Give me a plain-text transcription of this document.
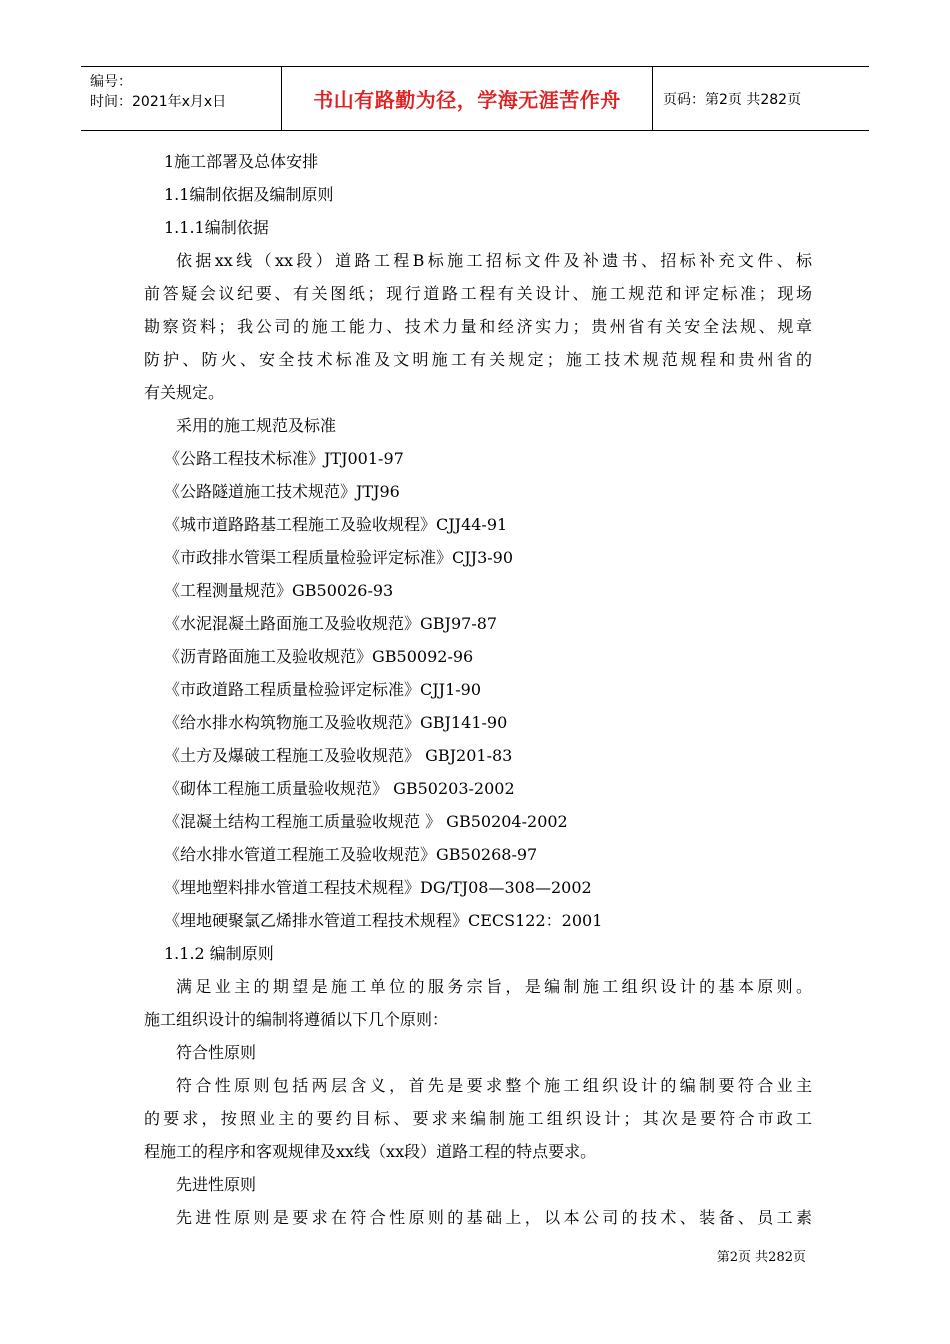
编号：
时间：2021年x月x日	书山有路勤为径，学海无涯苦作舟	页码：第2页 共282页
1施工部署及总体安排
1.1编制依据及编制原则
1.1.1编制依据
依据xx线（xx段）道路工程B标施工招标文件及补遗书、招标补充文件、标
前答疑会议纪要、有关图纸；现行道路工程有关设计、施工规范和评定标准；现场
勘察资料；我公司的施工能力、技术力量和经济实力；贵州省有关安全法规、规章
防护、防火、安全技术标准及文明施工有关规定；施工技术规范规程和贵州省的
有关规定。
采用的施工规范及标准
《公路工程技术标准》JTJ001-97
《公路隧道施工技术规范》JTJ96
《城市道路路基工程施工及验收规程》CJJ44-91
《市政排水管渠工程质量检验评定标准》CJJ3-90
《工程测量规范》GB50026-93
《水泥混凝土路面施工及验收规范》GBJ97-87
《沥青路面施工及验收规范》GB50092-96
《市政道路工程质量检验评定标准》CJJ1-90
《给水排水构筑物施工及验收规范》GBJ141-90
《土方及爆破工程施工及验收规范》 GBJ201-83
《砌体工程施工质量验收规范》 GB50203-2002
《混凝土结构工程施工质量验收规范 》 GB50204-2002
《给水排水管道工程施工及验收规范》GB50268-97
《埋地塑料排水管道工程技术规程》DG/TJ08—308—2002
《埋地硬聚氯乙烯排水管道工程技术规程》CECS122：2001
1.1.2 编制原则
满足业主的期望是施工单位的服务宗旨，是编制施工组织设计的基本原则。
施工组织设计的编制将遵循以下几个原则：
符合性原则
符合性原则包括两层含义，首先是要求整个施工组织设计的编制要符合业主
的要求，按照业主的要约目标、要求来编制施工组织设计；其次是要符合市政工
程施工的程序和客观规律及xx线（xx段）道路工程的特点要求。
先进性原则
先进性原则是要求在符合性原则的基础上，以本公司的技术、装备、员工素
第2页 共282页
